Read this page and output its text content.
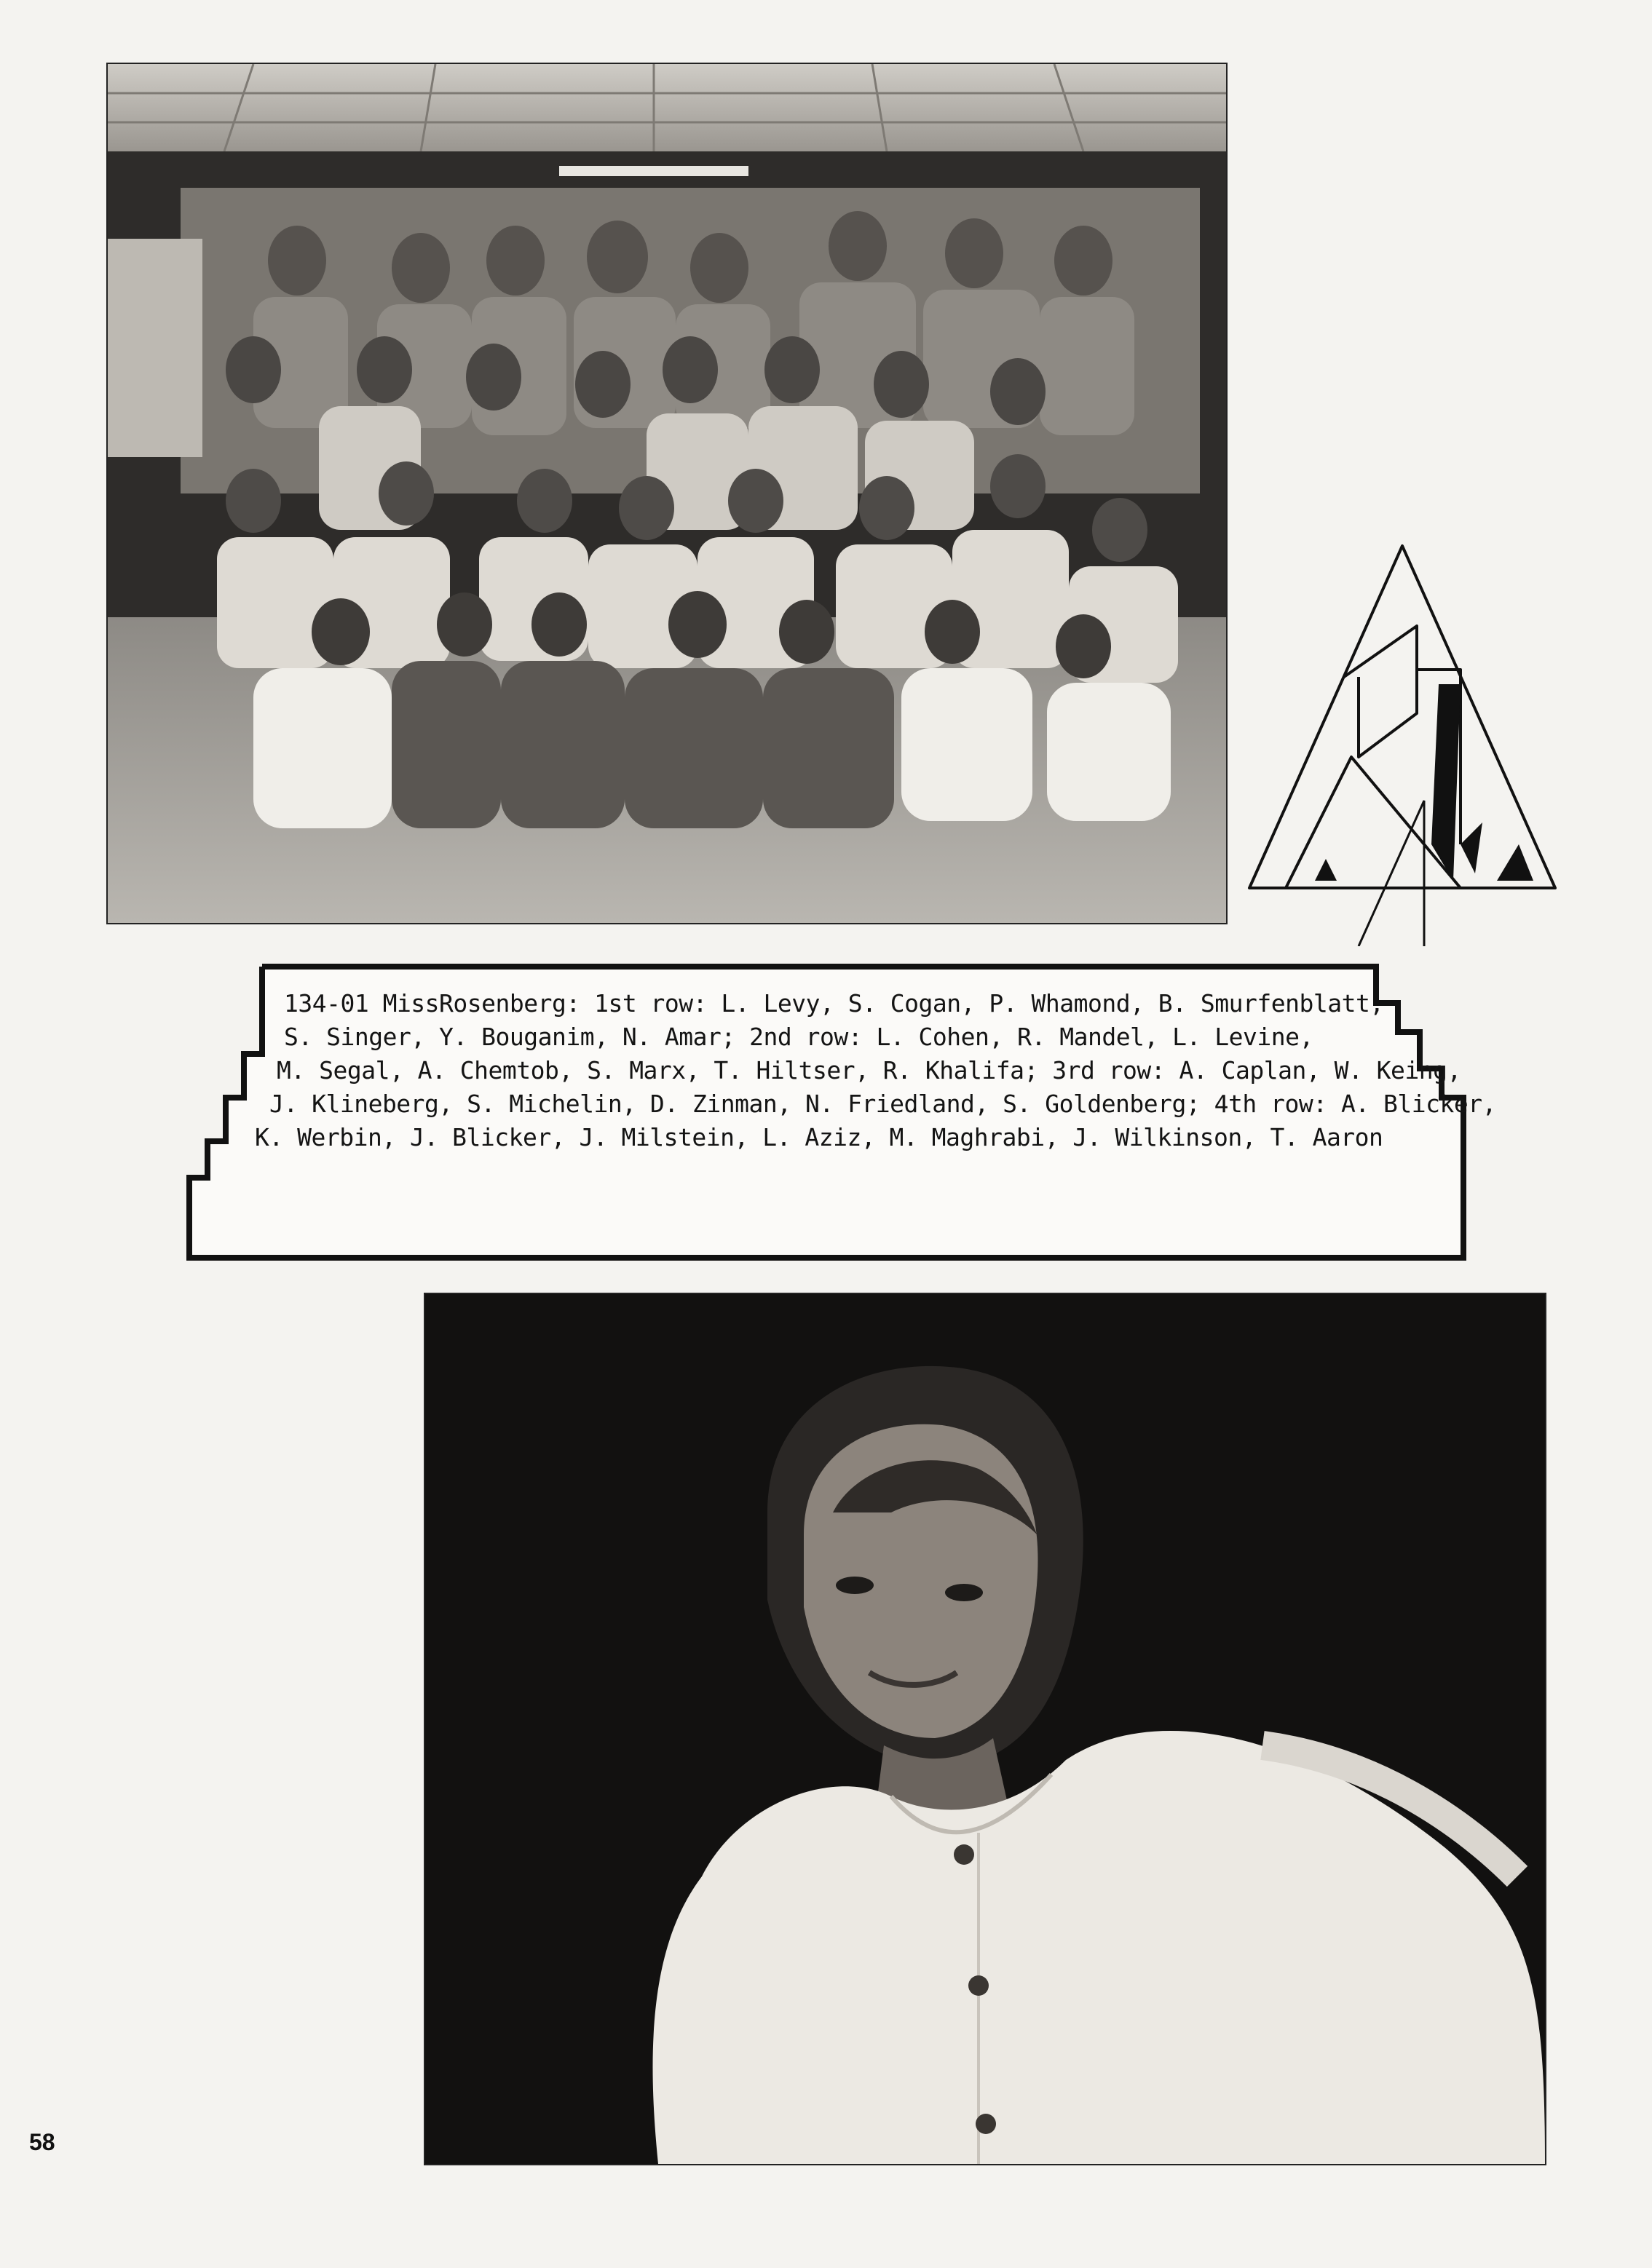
134-01 MissRosenberg: 1st row: L. Levy, S. Cogan, P. Whamond, B. Smurfenblatt,
S. Singer, Y. Bouganim, N. Amar; 2nd row: L. Cohen, R. Mandel, L. Levine,
M. Segal, A. Chemtob, S. Marx, T. Hiltser, R. Khalifa; 3rd row: A. Caplan, W. Keing,
J. Klineberg, S. Michelin, D. Zinman, N. Friedland, S. Goldenberg; 4th row: A. Blicker,
K. Werbin, J. Blicker, J. Milstein, L. Aziz, M. Maghrabi, J. Wilkinson, T. Aaron
58
